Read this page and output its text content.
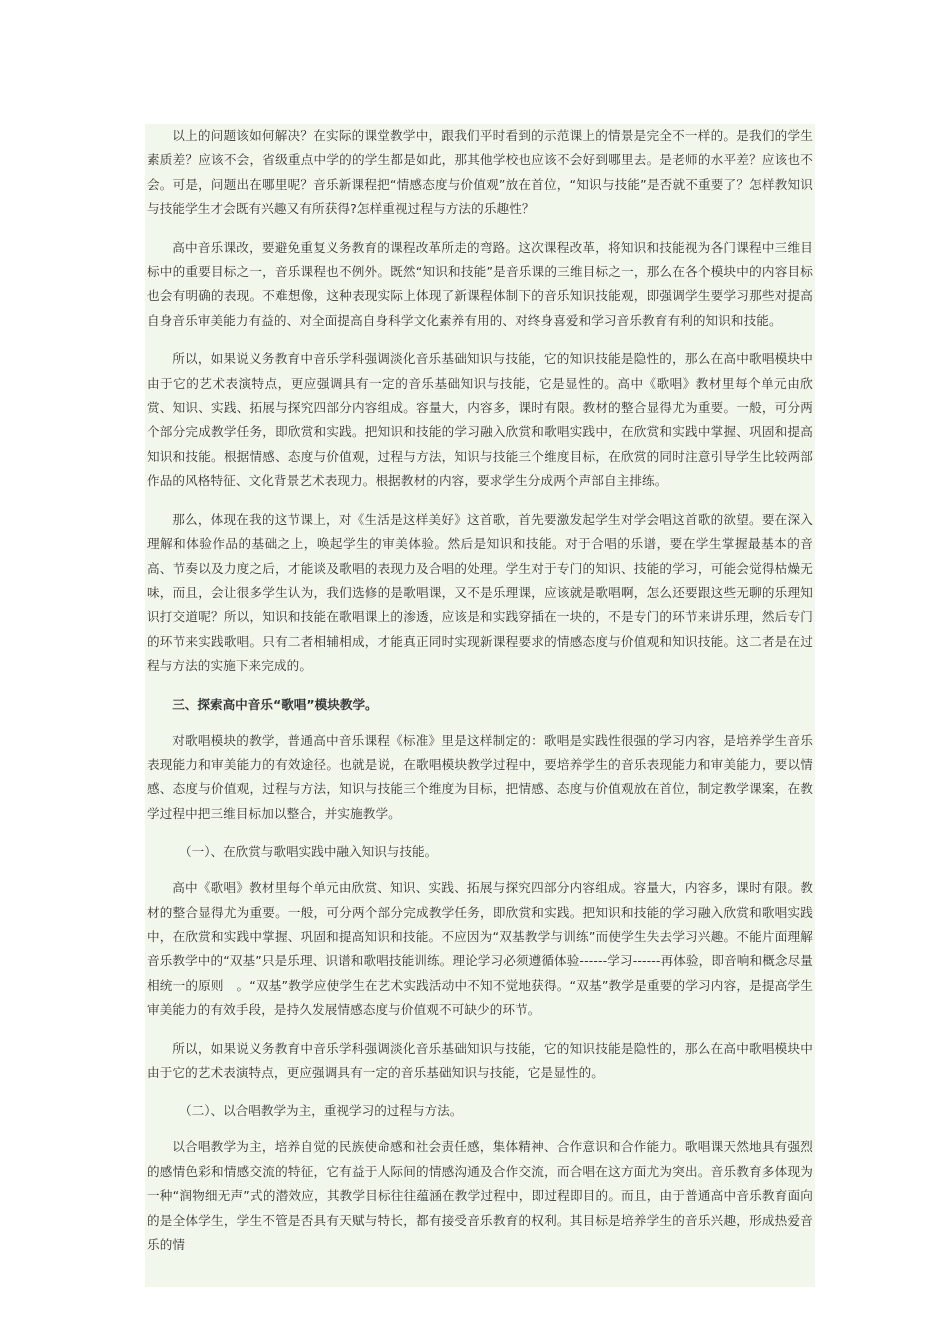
以上的问题该如何解决？在实际的课堂教学中，跟我们平时看到的示范课上的情景是完全不一样的。是我们的学生素质差？应该不会，省级重点中学的的学生都是如此，那其他学校也应该不会好到哪里去。是老师的水平差？应该也不会。可是，问题出在哪里呢？音乐新课程把“情感态度与价值观”放在首位，“知识与技能”是否就不重要了？怎样教知识与技能学生才会既有兴趣又有所获得?怎样重视过程与方法的乐趣性？

高中音乐课改，要避免重复义务教育的课程改革所走的弯路。这次课程改革，将知识和技能视为各门课程中三维目标中的重要目标之一，音乐课程也不例外。既然“知识和技能”是音乐课的三维目标之一，那么在各个模块中的内容目标也会有明确的表现。不难想像，这种表现实际上体现了新课程体制下的音乐知识技能观，即强调学生要学习那些对提高自身音乐审美能力有益的、对全面提高自身科学文化素养有用的、对终身喜爱和学习音乐教育有利的知识和技能。

所以，如果说义务教育中音乐学科强调淡化音乐基础知识与技能，它的知识技能是隐性的，那么在高中歌唱模块中由于它的艺术表演特点，更应强调具有一定的音乐基础知识与技能，它是显性的。高中《歌唱》教材里每个单元由欣赏、知识、实践、拓展与探究四部分内容组成。容量大，内容多，课时有限。教材的整合显得尤为重要。一般，可分两个部分完成教学任务，即欣赏和实践。把知识和技能的学习融入欣赏和歌唱实践中，在欣赏和实践中掌握、巩固和提高知识和技能。根据情感、态度与价值观，过程与方法，知识与技能三个维度目标，在欣赏的同时注意引导学生比较两部作品的风格特征、文化背景艺术表现力。根据教材的内容，要求学生分成两个声部自主排练。

那么，体现在我的这节课上，对《生活是这样美好》这首歌，首先要激发起学生对学会唱这首歌的欲望。要在深入理解和体验作品的基础之上，唤起学生的审美体验。然后是知识和技能。对于合唱的乐谱，要在学生掌握最基本的音高、节奏以及力度之后，才能谈及歌唱的表现力及合唱的处理。学生对于专门的知识、技能的学习，可能会觉得枯燥无味，而且，会让很多学生认为，我们选修的是歌唱课，又不是乐理课，应该就是歌唱啊，怎么还要跟这些无聊的乐理知识打交道呢？所以，知识和技能在歌唱课上的渗透，应该是和实践穿插在一块的，不是专门的环节来讲乐理，然后专门的环节来实践歌唱。只有二者相辅相成，才能真正同时实现新课程要求的情感态度与价值观和知识技能。这二者是在过程与方法的实施下来完成的。

三、探索高中音乐“歌唱”模块教学。

对歌唱模块的教学，普通高中音乐课程《标准》里是这样制定的：歌唱是实践性很强的学习内容，是培养学生音乐表现能力和审美能力的有效途径。也就是说，在歌唱模块教学过程中，要培养学生的音乐表现能力和审美能力，要以情感、态度与价值观，过程与方法，知识与技能三个维度为目标，把情感、态度与价值观放在首位，制定教学课案，在教学过程中把三维目标加以整合，并实施教学。

（一）、在欣赏与歌唱实践中融入知识与技能。

高中《歌唱》教材里每个单元由欣赏、知识、实践、拓展与探究四部分内容组成。容量大，内容多，课时有限。教材的整合显得尤为重要。一般，可分两个部分完成教学任务，即欣赏和实践。把知识和技能的学习融入欣赏和歌唱实践中，在欣赏和实践中掌握、巩固和提高知识和技能。不应因为“双基教学与训练”而使学生失去学习兴趣。不能片面理解音乐教学中的“双基”只是乐理、识谱和歌唱技能训练。理论学习必须遵循体验------学习------再体验，即音响和概念尽量相统一的原则　。“双基”教学应使学生在艺术实践活动中不知不觉地获得。“双基”教学是重要的学习内容，是提高学生审美能力的有效手段，是持久发展情感态度与价值观不可缺少的环节。

所以，如果说义务教育中音乐学科强调淡化音乐基础知识与技能，它的知识技能是隐性的，那么在高中歌唱模块中由于它的艺术表演特点，更应强调具有一定的音乐基础知识与技能，它是显性的。

（二）、以合唱教学为主，重视学习的过程与方法。

以合唱教学为主，培养自觉的民族使命感和社会责任感，集体精神、合作意识和合作能力。歌唱课天然地具有强烈的感情色彩和情感交流的特征，它有益于人际间的情感沟通及合作交流，而合唱在这方面尤为突出。音乐教育多体现为一种“润物细无声”式的潜效应，其教学目标往往蕴涵在教学过程中，即过程即目的。而且，由于普通高中音乐教育面向的是全体学生，学生不管是否具有天赋与特长，都有接受音乐教育的权利。其目标是培养学生的音乐兴趣，形成热爱音乐的情
